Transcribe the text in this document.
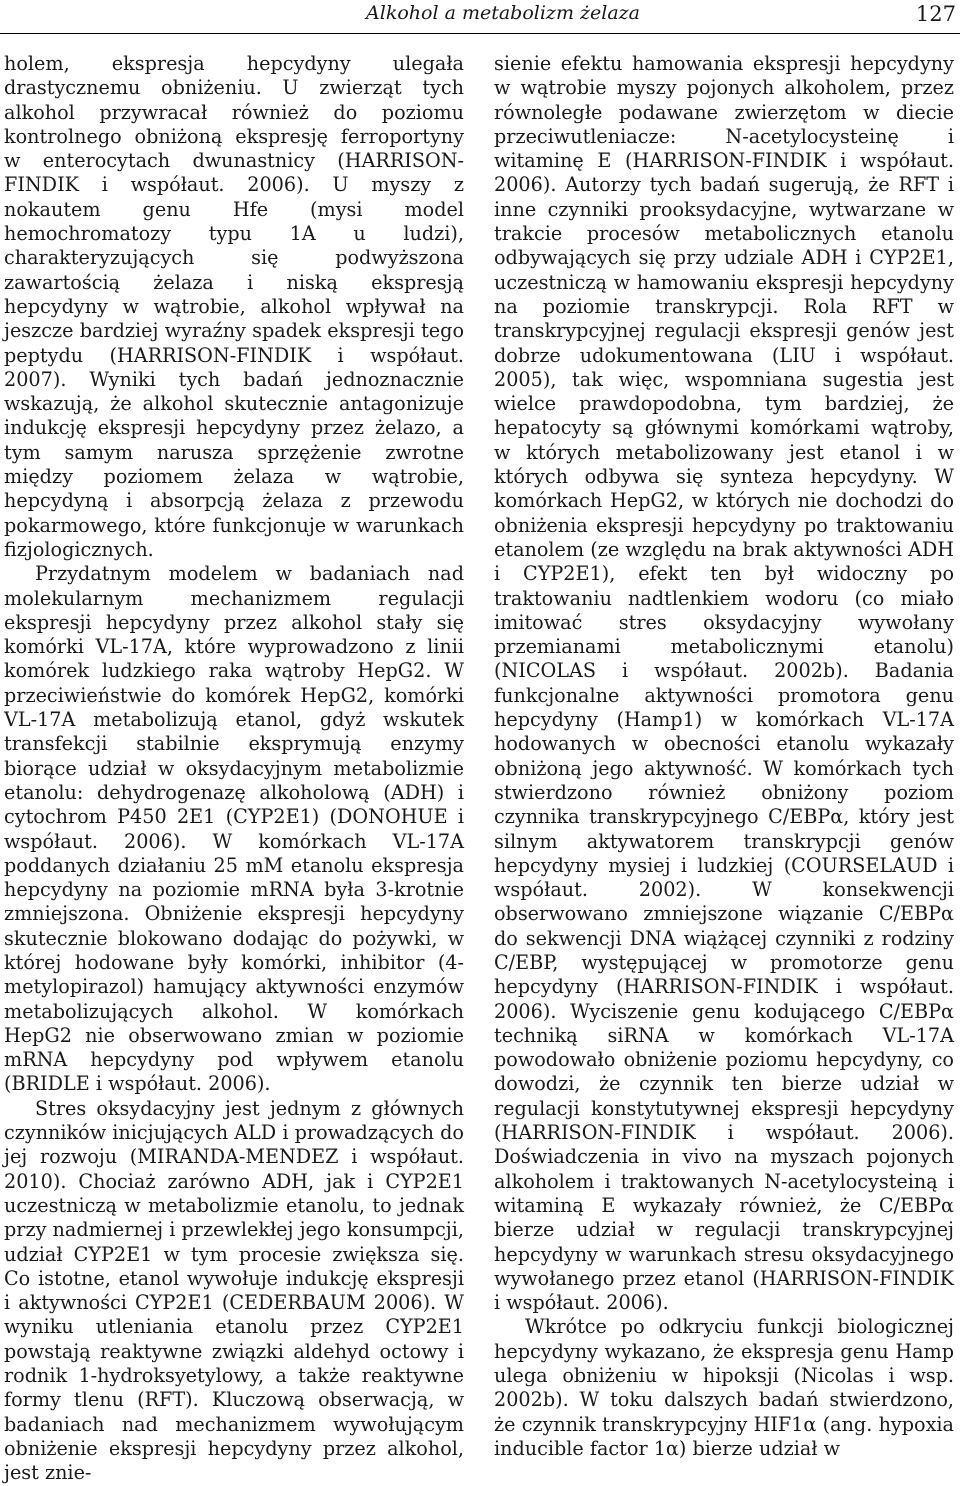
Alkohol a metabolizm żelaza	127

holem, ekspresja hepcydyny ulegała drastycznemu obniżeniu. U zwierząt tych alkohol przywracał również do poziomu kontrolnego obniżoną ekspresję ferroportyny w enterocytach dwunastnicy (HARRISON-FINDIK i współaut. 2006). U myszy z nokautem genu Hfe (mysi model hemochromatozy typu 1A u ludzi), charakteryzujących się podwyższona zawartością żelaza i niską ekspresją hepcydyny w wątrobie, alkohol wpływał na jeszcze bardziej wyraźny spadek ekspresji tego peptydu (HARRISON-FINDIK i współaut. 2007). Wyniki tych badań jednoznacznie wskazują, że alkohol skutecznie antagonizuje indukcję ekspresji hepcydyny przez żelazo, a tym samym narusza sprzężenie zwrotne między poziomem żelaza w wątrobie, hepcydyną i absorpcją żelaza z przewodu pokarmowego, które funkcjonuje w warunkach fizjologicznych.

Przydatnym modelem w badaniach nad molekularnym mechanizmem regulacji ekspresji hepcydyny przez alkohol stały się komórki VL-17A, które wyprowadzono z linii komórek ludzkiego raka wątroby HepG2. W przeciwieństwie do komórek HepG2, komórki VL-17A metabolizują etanol, gdyż wskutek transfekcji stabilnie eksprymują enzymy biorące udział w oksydacyjnym metabolizmie etanolu: dehydrogenazę alkoholową (ADH) i cytochrom P450 2E1 (CYP2E1) (DONOHUE i współaut. 2006). W komórkach VL-17A poddanych działaniu 25 mM etanolu ekspresja hepcydyny na poziomie mRNA była 3-krotnie zmniejszona. Obniżenie ekspresji hepcydyny skutecznie blokowano dodając do pożywki, w której hodowane były komórki, inhibitor (4-metylopirazol) hamujący aktywności enzymów metabolizujących alkohol. W komórkach HepG2 nie obserwowano zmian w poziomie mRNA hepcydyny pod wpływem etanolu (BRIDLE i współaut. 2006).

Stres oksydacyjny jest jednym z głównych czynników inicjujących ALD i prowadzących do jej rozwoju (MIRANDA-MENDEZ i współaut. 2010). Chociaż zarówno ADH, jak i CYP2E1 uczestniczą w metabolizmie etanolu, to jednak przy nadmiernej i przewlekłej jego konsumpcji, udział CYP2E1 w tym procesie zwiększa się. Co istotne, etanol wywołuje indukcję ekspresji i aktywności CYP2E1 (CEDERBAUM 2006). W wyniku utleniania etanolu przez CYP2E1 powstają reaktywne związki aldehyd octowy i rodnik 1-hydroksyetylowy, a także reaktywne formy tlenu (RFT). Kluczową obserwacją, w badaniach nad mechanizmem wywołującym obniżenie ekspresji hepcydyny przez alkohol, jest znie-

sienie efektu hamowania ekspresji hepcydyny w wątrobie myszy pojonych alkoholem, przez równoległe podawane zwierzętom w diecie przeciwutleniacze: N-acetylocysteinę i witaminę E (HARRISON-FINDIK i współaut. 2006). Autorzy tych badań sugerują, że RFT i inne czynniki prooksydacyjne, wytwarzane w trakcie procesów metabolicznych etanolu odbywających się przy udziale ADH i CYP2E1, uczestniczą w hamowaniu ekspresji hepcydyny na poziomie transkrypcji. Rola RFT w transkrypcyjnej regulacji ekspresji genów jest dobrze udokumentowana (LIU i współaut. 2005), tak więc, wspomniana sugestia jest wielce prawdopodobna, tym bardziej, że hepatocyty są głównymi komórkami wątroby, w których metabolizowany jest etanol i w których odbywa się synteza hepcydyny. W komórkach HepG2, w których nie dochodzi do obniżenia ekspresji hepcydyny po traktowaniu etanolem (ze względu na brak aktywności ADH i CYP2E1), efekt ten był widoczny po traktowaniu nadtlenkiem wodoru (co miało imitować stres oksydacyjny wywołany przemianami metabolicznymi etanolu) (NICOLAS i współaut. 2002b). Badania funkcjonalne aktywności promotora genu hepcydyny (Hamp1) w komórkach VL-17A hodowanych w obecności etanolu wykazały obniżoną jego aktywność. W komórkach tych stwierdzono również obniżony poziom czynnika transkrypcyjnego C/EBPα, który jest silnym aktywatorem transkrypcji genów hepcydyny mysiej i ludzkiej (COURSELAUD i współaut. 2002). W konsekwencji obserwowano zmniejszone wiązanie C/EBPα do sekwencji DNA wiążącej czynniki z rodziny C/EBP, występującej w promotorze genu hepcydyny (HARRISON-FINDIK i współaut. 2006). Wyciszenie genu kodującego C/EBPα techniką siRNA w komórkach VL-17A powodowało obniżenie poziomu hepcydyny, co dowodzi, że czynnik ten bierze udział w regulacji konstytutywnej ekspresji hepcydyny (HARRISON-FINDIK i współaut. 2006). Doświadczenia in vivo na myszach pojonych alkoholem i traktowanych N-acetylocysteiną i witaminą E wykazały również, że C/EBPα bierze udział w regulacji transkrypcyjnej hepcydyny w warunkach stresu oksydacyjnego wywołanego przez etanol (HARRISON-FINDIK i współaut. 2006).

Wkrótce po odkryciu funkcji biologicznej hepcydyny wykazano, że ekspresja genu Hamp ulega obniżeniu w hipoksji (Nicolas i wsp. 2002b). W toku dalszych badań stwierdzono, że czynnik transkrypcyjny HIF1α (ang. hypoxia inducible factor 1α) bierze udział w
